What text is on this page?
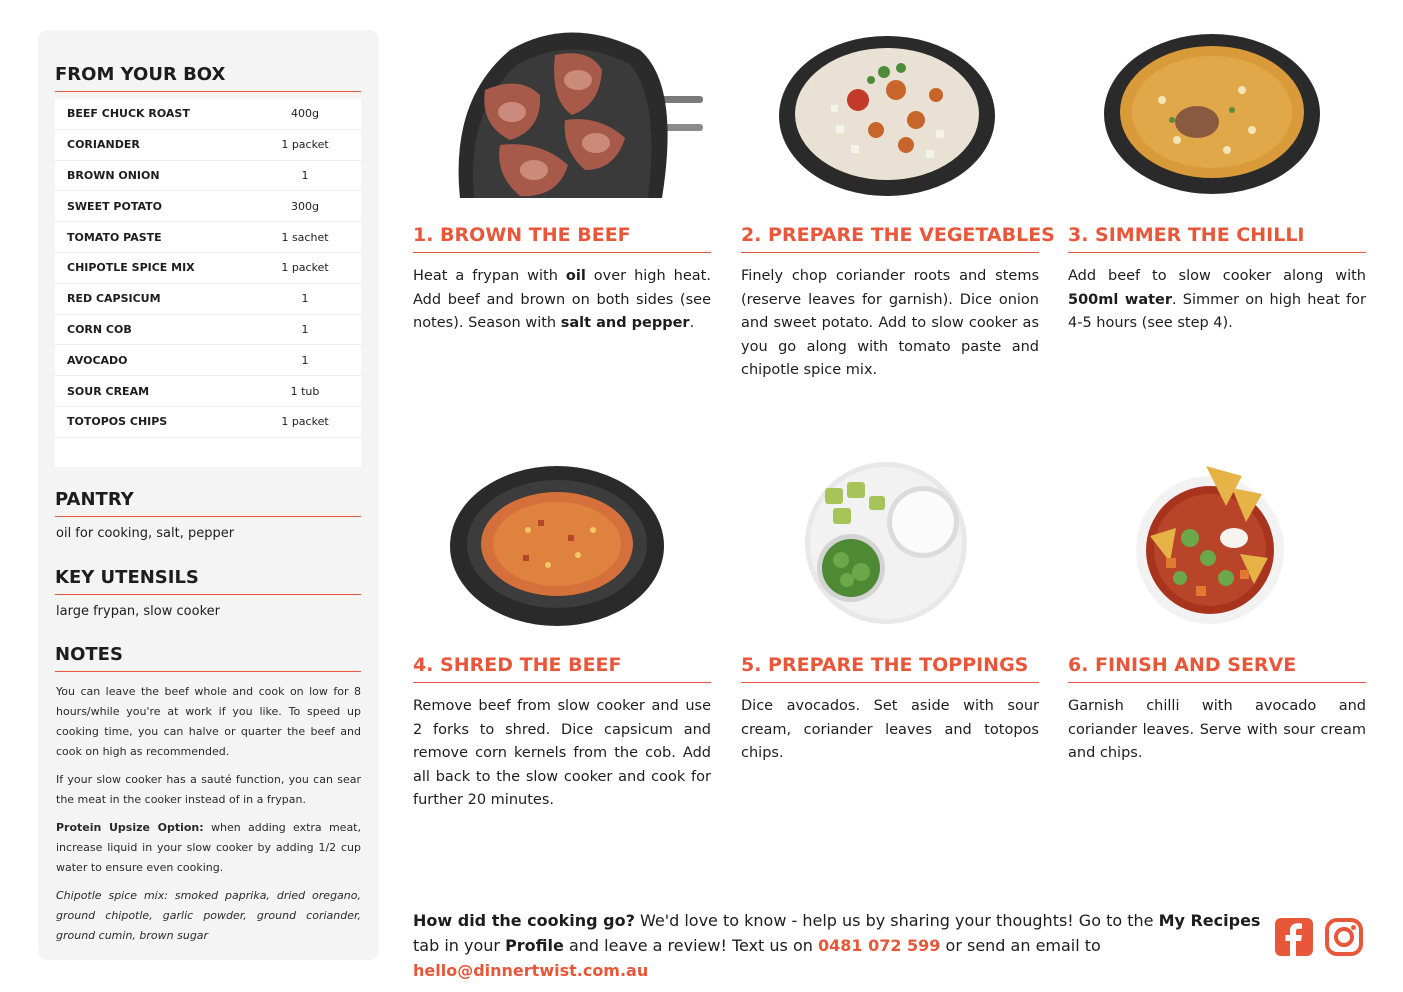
FROM YOUR BOX
BEEF CHUCK ROAST	400g
CORIANDER	1 packet
BROWN ONION	1
SWEET POTATO	300g
TOMATO PASTE	1 sachet
CHIPOTLE SPICE MIX	1 packet
RED CAPSICUM	1
CORN COB	1
AVOCADO	1
SOUR CREAM	1 tub
TOTOPOS CHIPS	1 packet
PANTRY
oil for cooking, salt, pepper
KEY UTENSILS
large frypan, slow cooker
NOTES

You can leave the beef whole and cook on low for 8 hours/while you're at work if you like. To speed up cooking time, you can halve or quarter the beef and cook on high as recommended.

If your slow cooker has a sauté function, you can sear the meat in the cooker instead of in a frypan.

Protein Upsize Option: when adding extra meat, increase liquid in your slow cooker by adding 1/2 cup water to ensure even cooking.

Chipotle spice mix: smoked paprika, dried oregano, ground chipotle, garlic powder, ground coriander, ground cumin, brown sugar

1. BROWN THE BEEF
Heat a frypan with oil over high heat. Add beef and brown on both sides (see notes). Season with salt and pepper.
2. PREPARE THE VEGETABLES
Finely chop coriander roots and stems (reserve leaves for garnish). Dice onion and sweet potato. Add to slow cooker as you go along with tomato paste and chipotle spice mix.
3. SIMMER THE CHILLI
Add beef to slow cooker along with 500ml water. Simmer on high heat for 4-5 hours (see step 4).
4. SHRED THE BEEF
Remove beef from slow cooker and use 2 forks to shred. Dice capsicum and remove corn kernels from the cob. Add all back to the slow cooker and cook for further 20 minutes.
5. PREPARE THE TOPPINGS
Dice avocados. Set aside with sour cream, coriander leaves and totopos chips.
6. FINISH AND SERVE
Garnish chilli with avocado and coriander leaves. Serve with sour cream and chips.
How did the cooking go? We'd love to know - help us by sharing your thoughts! Go to the My Recipes tab in your Profile and leave a review! Text us on 0481 072 599 or send an email to hello@dinnertwist.com.au
